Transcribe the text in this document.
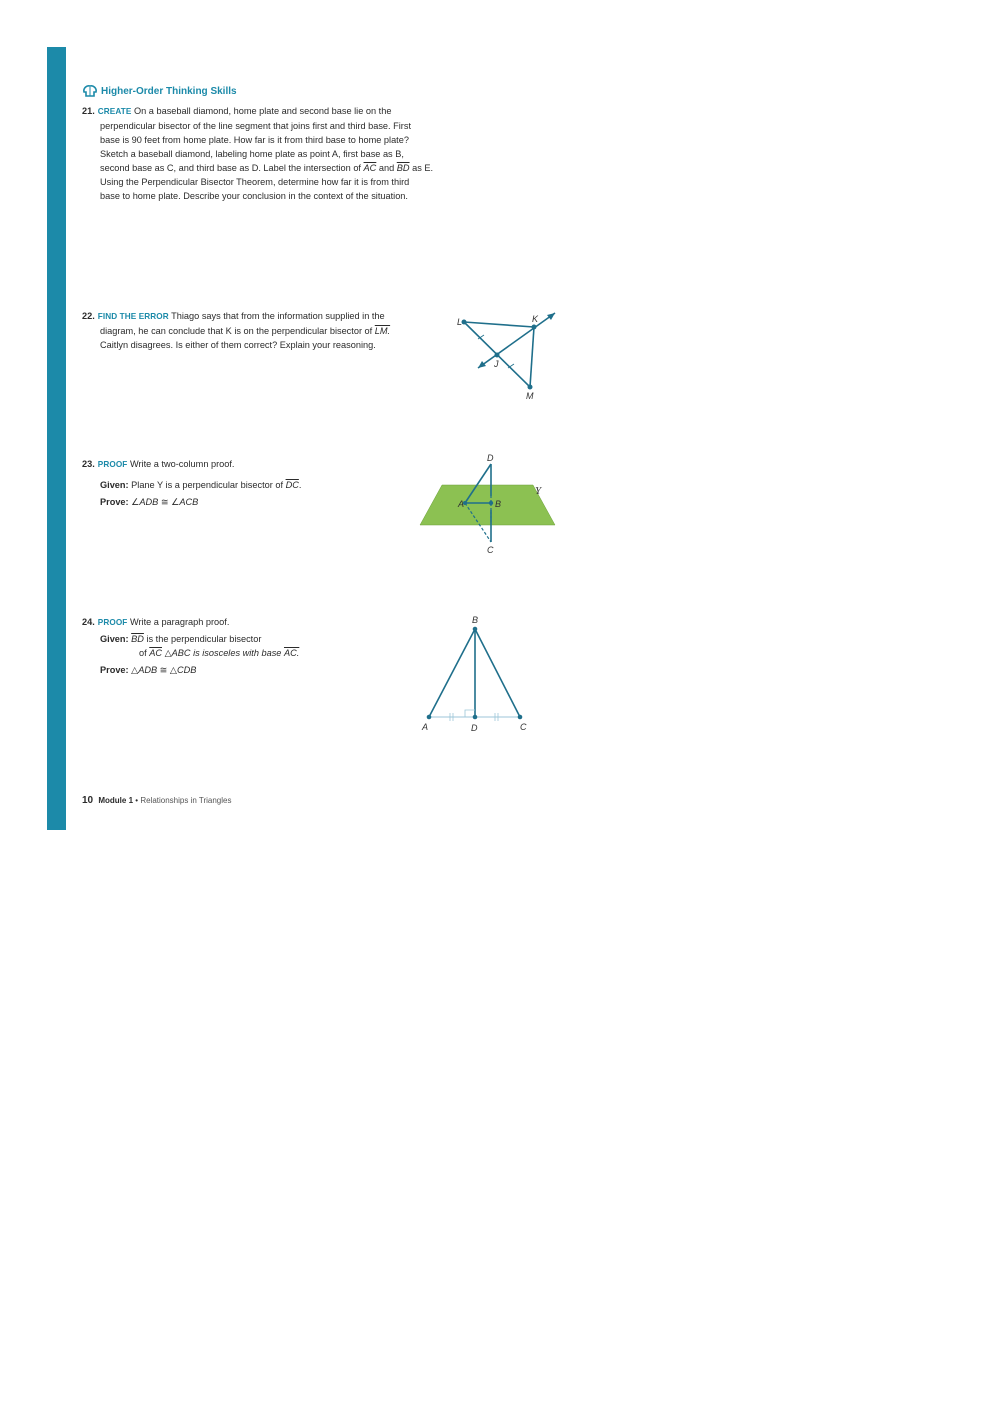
Higher-Order Thinking Skills
21. CREATE On a baseball diamond, home plate and second base lie on the
perpendicular bisector of the line segment that joins first and third base. First
base is 90 feet from home plate. How far is it from third base to home plate?
Sketch a baseball diamond, labeling home plate as point A, first base as B,
second base as C, and third base as D. Label the intersection of $\overline{AC}$ and $\overline{BD}$ as E.
Using the Perpendicular Bisector Theorem, determine how far it is from third
base to home plate. Describe your conclusion in the context of the situation.
22. FIND THE ERROR Thiago says that from the information supplied in the
diagram, he can conclude that K is on the perpendicular bisector of LM.
Caitlyn disagrees. Is either of them correct? Explain your reasoning.
L	K
J
M
23. PROOF Write a two-column proof.
Given: Plane Y is a perpendicular bisector of $\overline{DC}$.
Prove: ∠ADB ≅ ∠ACB
Y
D
A	B
C
24. PROOF Write a paragraph proof.
Given: $\overline{BD}$ is the perpendicular bisector
of $\overline{AC}$ △ABC is isosceles with base AC.
Prove: △ADB ≅ △CDB
B
A	D	C
10 Module 1 • Relationships in Triangles
